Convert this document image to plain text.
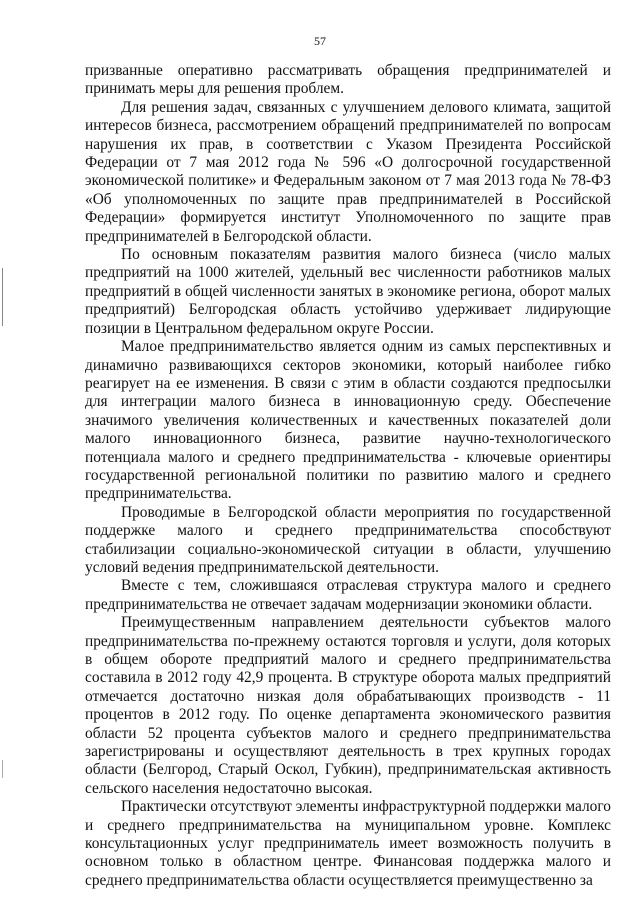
57

призванные оперативно рассматривать обращения предпринимателей и принимать меры для решения проблем.

Для решения задач, связанных с улучшением делового климата, защитой интересов бизнеса, рассмотрением обращений предпринимателей по вопросам нарушения их прав, в соответствии с Указом Президента Российской Федерации от 7 мая 2012 года № 596 «О долгосрочной государственной экономической политике» и Федеральным законом от 7 мая 2013 года № 78-ФЗ «Об уполномоченных по защите прав предпринимателей в Российской Федерации» формируется институт Уполномоченного по защите прав предпринимателей в Белгородской области.

По основным показателям развития малого бизнеса (число малых предприятий на 1000 жителей, удельный вес численности работников малых предприятий в общей численности занятых в экономике региона, оборот малых предприятий) Белгородская область устойчиво удерживает лидирующие позиции в Центральном федеральном округе России.

Малое предпринимательство является одним из самых перспективных и динамично развивающихся секторов экономики, который наиболее гибко реагирует на ее изменения. В связи с этим в области создаются предпосылки для интеграции малого бизнеса в инновационную среду. Обеспечение значимого увеличения количественных и качественных показателей доли малого инновационного бизнеса, развитие научно-технологического потенциала малого и среднего предпринимательства - ключевые ориентиры государственной региональной политики по развитию малого и среднего предпринимательства.

Проводимые в Белгородской области мероприятия по государственной поддержке малого и среднего предпринимательства способствуют стабилизации социально-экономической ситуации в области, улучшению условий ведения предпринимательской деятельности.

Вместе с тем, сложившаяся отраслевая структура малого и среднего предпринимательства не отвечает задачам модернизации экономики области.

Преимущественным направлением деятельности субъектов малого предпринимательства по-прежнему остаются торговля и услуги, доля которых в общем обороте предприятий малого и среднего предпринимательства составила в 2012 году 42,9 процента. В структуре оборота малых предприятий отмечается достаточно низкая доля обрабатывающих производств - 11 процентов в 2012 году. По оценке департамента экономического развития области 52 процента субъектов малого и среднего предпринимательства зарегистрированы и осуществляют деятельность в трех крупных городах области (Белгород, Старый Оскол, Губкин), предпринимательская активность сельского населения недостаточно высокая.

Практически отсутствуют элементы инфраструктурной поддержки малого и среднего предпринимательства на муниципальном уровне. Комплекс консультационных услуг предприниматель имеет возможность получить в основном только в областном центре. Финансовая поддержка малого и среднего предпринимательства области осуществляется преимущественно за
